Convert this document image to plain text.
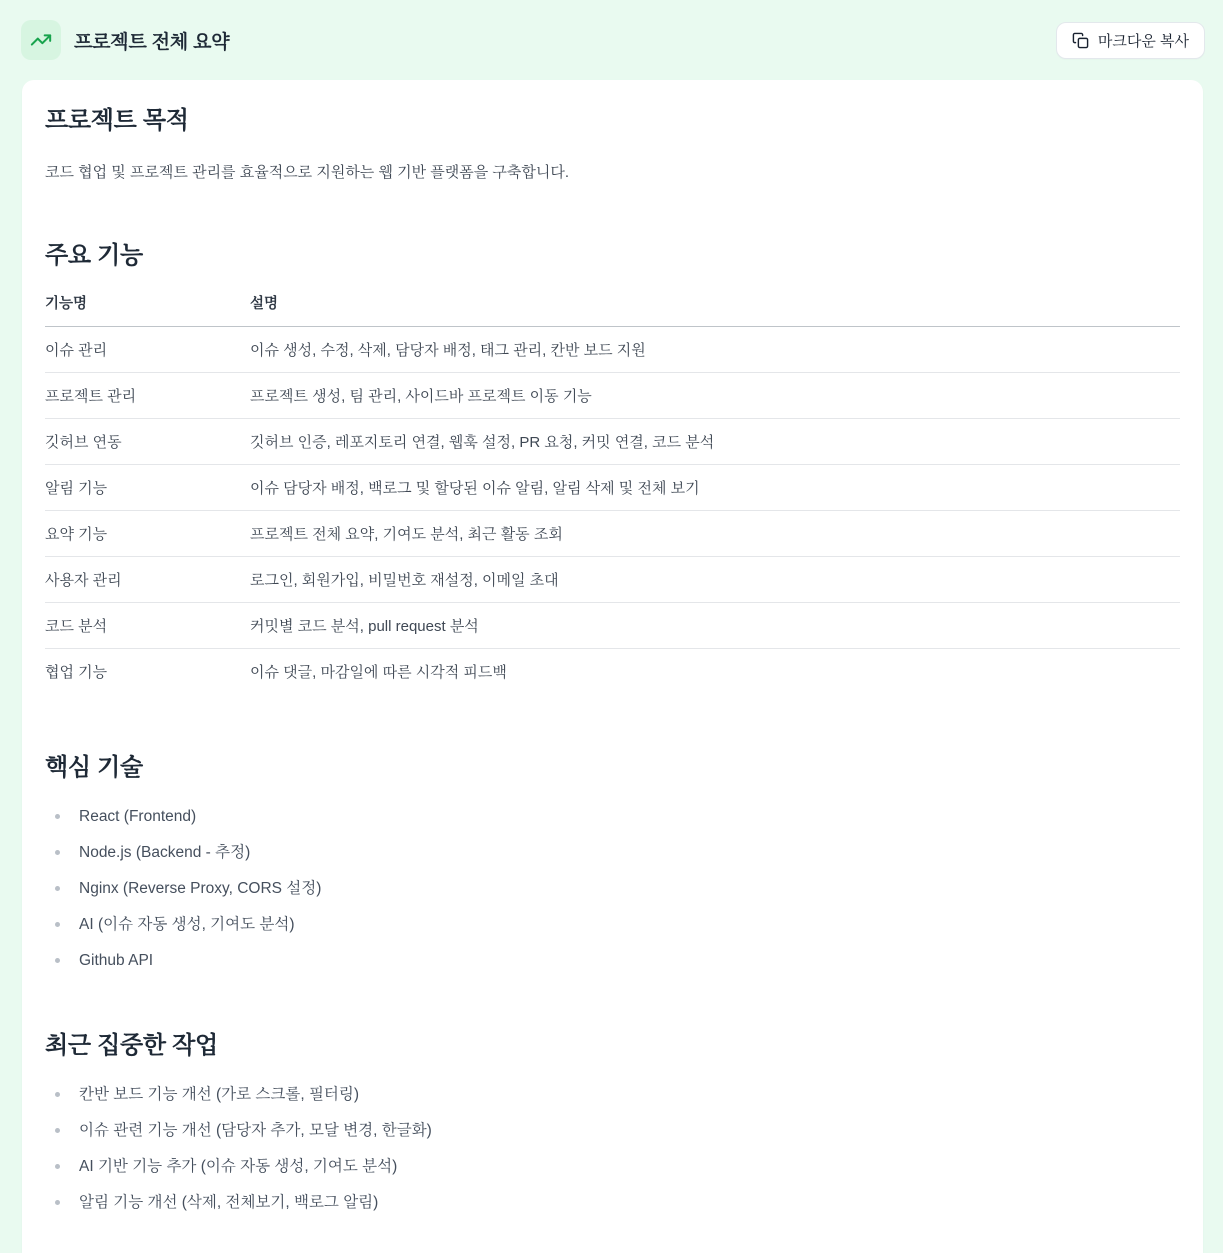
프로젝트 전체 요약	마크다운 복사
프로젝트 목적

코드 협업 및 프로젝트 관리를 효율적으로 지원하는 웹 기반 플랫폼을 구축합니다.

주요 기능
기능명	설명
이슈 관리	이슈 생성, 수정, 삭제, 담당자 배정, 태그 관리, 칸반 보드 지원
프로젝트 관리	프로젝트 생성, 팀 관리, 사이드바 프로젝트 이동 기능
깃허브 연동	깃허브 인증, 레포지토리 연결, 웹훅 설정, PR 요청, 커밋 연결, 코드 분석
알림 기능	이슈 담당자 배정, 백로그 및 할당된 이슈 알림, 알림 삭제 및 전체 보기
요약 기능	프로젝트 전체 요약, 기여도 분석, 최근 활동 조회
사용자 관리	로그인, 회원가입, 비밀번호 재설정, 이메일 초대
코드 분석	커밋별 코드 분석, pull request 분석
협업 기능	이슈 댓글, 마감일에 따른 시각적 피드백
핵심 기술
React (Frontend)
Node.js (Backend - 추정)
Nginx (Reverse Proxy, CORS 설정)
AI (이슈 자동 생성, 기여도 분석)
Github API
최근 집중한 작업
칸반 보드 기능 개선 (가로 스크롤, 필터링)
이슈 관련 기능 개선 (담당자 추가, 모달 변경, 한글화)
AI 기반 기능 추가 (이슈 자동 생성, 기여도 분석)
알림 기능 개선 (삭제, 전체보기, 백로그 알림)
